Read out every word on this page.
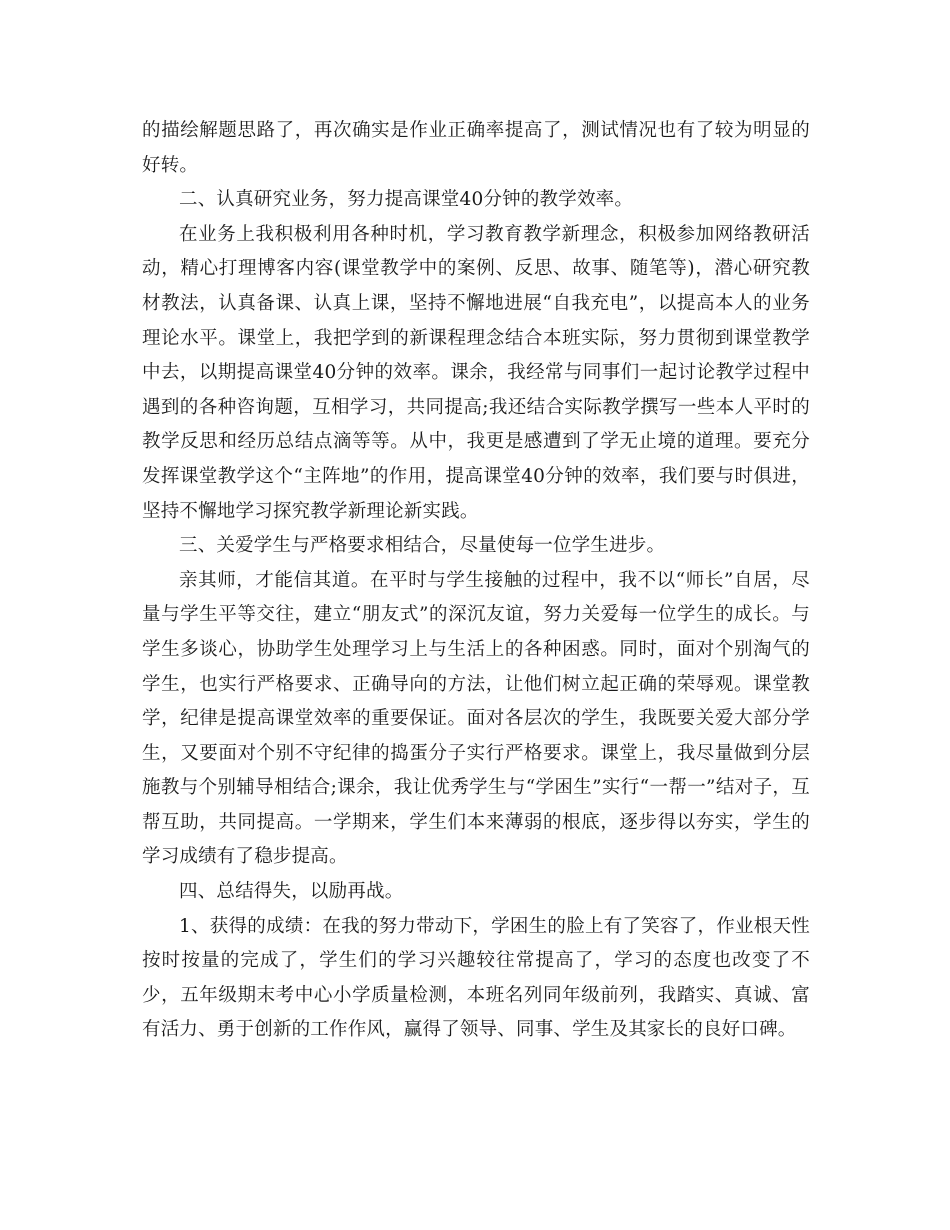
的描绘解题思路了，再次确实是作业正确率提高了，测试情况也有了较为明显的好转。

二、认真研究业务，努力提高课堂40分钟的教学效率。

在业务上我积极利用各种时机，学习教育教学新理念，积极参加网络教研活动，精心打理博客内容(课堂教学中的案例、反思、故事、随笔等)，潜心研究教材教法，认真备课、认真上课，坚持不懈地进展“自我充电”，以提高本人的业务理论水平。课堂上，我把学到的新课程理念结合本班实际，努力贯彻到课堂教学中去，以期提高课堂40分钟的效率。课余，我经常与同事们一起讨论教学过程中遇到的各种咨询题，互相学习，共同提高;我还结合实际教学撰写一些本人平时的教学反思和经历总结点滴等等。从中，我更是感遭到了学无止境的道理。要充分发挥课堂教学这个“主阵地”的作用，提高课堂40分钟的效率，我们要与时俱进，坚持不懈地学习探究教学新理论新实践。

三、关爱学生与严格要求相结合，尽量使每一位学生进步。

亲其师，才能信其道。在平时与学生接触的过程中，我不以“师长”自居，尽量与学生平等交往，建立“朋友式”的深沉友谊，努力关爱每一位学生的成长。与学生多谈心，协助学生处理学习上与生活上的各种困惑。同时，面对个别淘气的学生，也实行严格要求、正确导向的方法，让他们树立起正确的荣辱观。课堂教学，纪律是提高课堂效率的重要保证。面对各层次的学生，我既要关爱大部分学生，又要面对个别不守纪律的捣蛋分子实行严格要求。课堂上，我尽量做到分层施教与个别辅导相结合;课余，我让优秀学生与“学困生”实行“一帮一”结对子，互帮互助，共同提高。一学期来，学生们本来薄弱的根底，逐步得以夯实，学生的学习成绩有了稳步提高。

四、总结得失，以励再战。

1、获得的成绩：在我的努力带动下，学困生的脸上有了笑容了，作业根天性按时按量的完成了，学生们的学习兴趣较往常提高了，学习的态度也改变了不少，五年级期末考中心小学质量检测，本班名列同年级前列，我踏实、真诚、富有活力、勇于创新的工作作风，赢得了领导、同事、学生及其家长的良好口碑。
